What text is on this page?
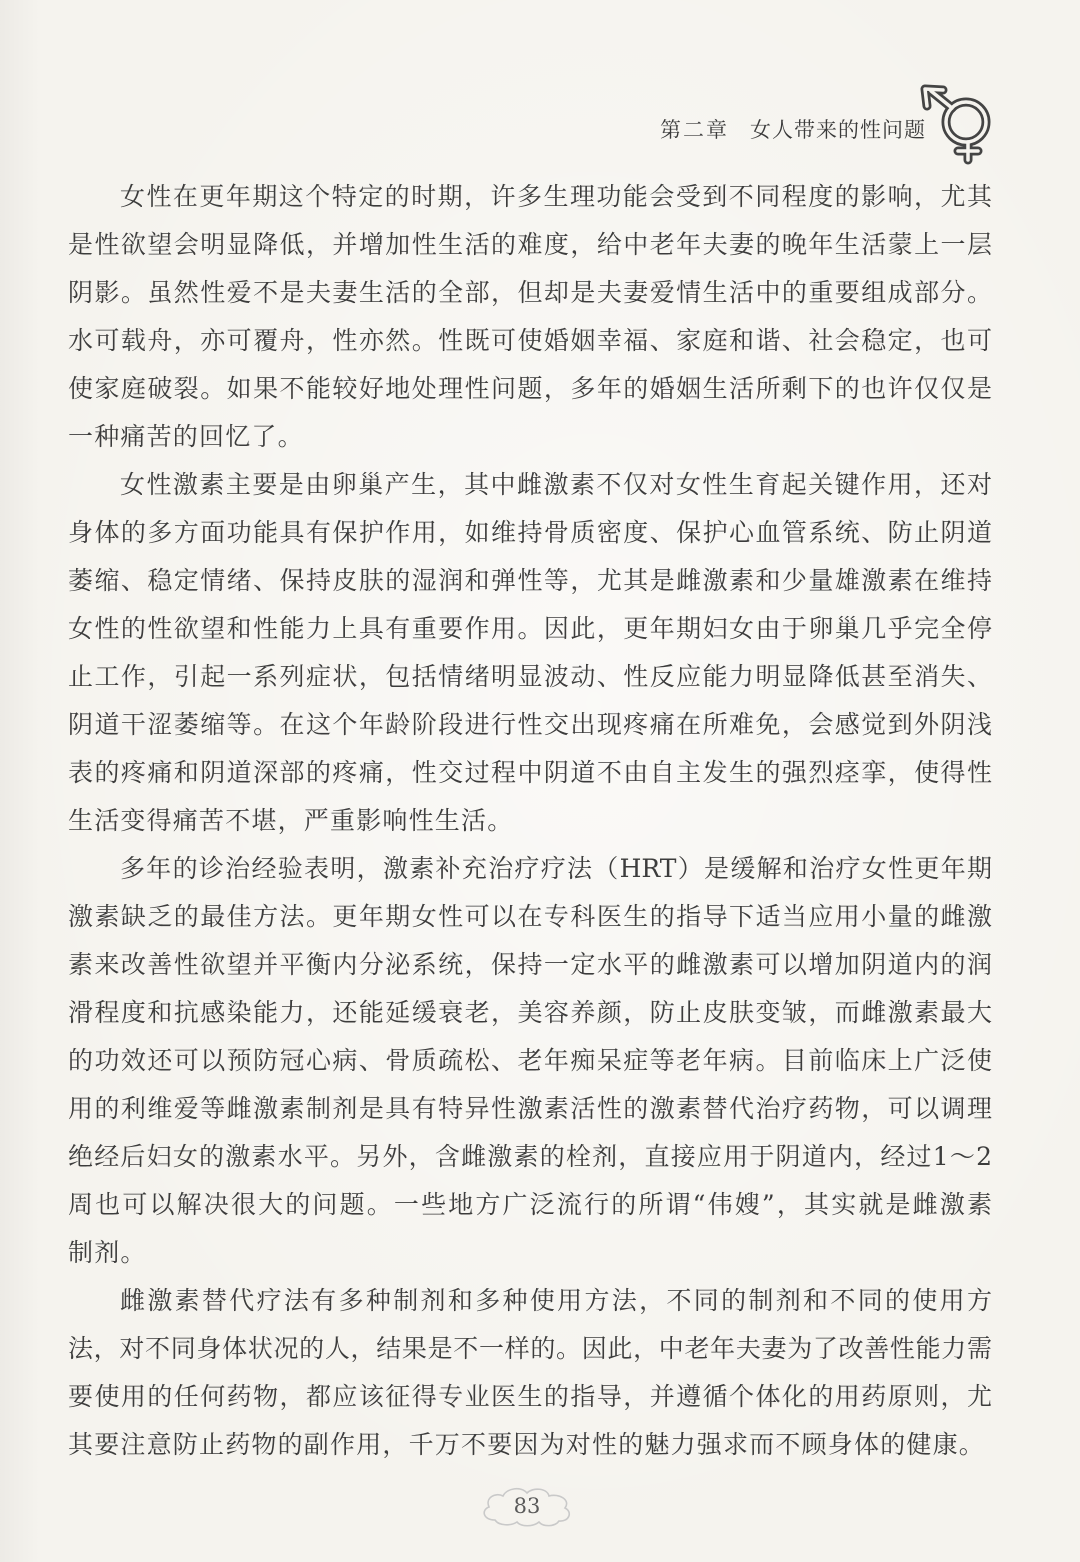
第二章 女人带来的性问题
女性在更年期这个特定的时期，许多生理功能会受到不同程度的影响，尤其
是性欲望会明显降低，并增加性生活的难度，给中老年夫妻的晚年生活蒙上一层
阴影。虽然性爱不是夫妻生活的全部，但却是夫妻爱情生活中的重要组成部分。
水可载舟，亦可覆舟，性亦然。性既可使婚姻幸福、家庭和谐、社会稳定，也可
使家庭破裂。如果不能较好地处理性问题，多年的婚姻生活所剩下的也许仅仅是
一种痛苦的回忆了。
女性激素主要是由卵巢产生，其中雌激素不仅对女性生育起关键作用，还对
身体的多方面功能具有保护作用，如维持骨质密度、保护心血管系统、防止阴道
萎缩、稳定情绪、保持皮肤的湿润和弹性等，尤其是雌激素和少量雄激素在维持
女性的性欲望和性能力上具有重要作用。因此，更年期妇女由于卵巢几乎完全停
止工作，引起一系列症状，包括情绪明显波动、性反应能力明显降低甚至消失、
阴道干涩萎缩等。在这个年龄阶段进行性交出现疼痛在所难免，会感觉到外阴浅
表的疼痛和阴道深部的疼痛，性交过程中阴道不由自主发生的强烈痉挛，使得性
生活变得痛苦不堪，严重影响性生活。
多年的诊治经验表明，激素补充治疗疗法（HRT）是缓解和治疗女性更年期
激素缺乏的最佳方法。更年期女性可以在专科医生的指导下适当应用小量的雌激
素来改善性欲望并平衡内分泌系统，保持一定水平的雌激素可以增加阴道内的润
滑程度和抗感染能力，还能延缓衰老，美容养颜，防止皮肤变皱，而雌激素最大
的功效还可以预防冠心病、骨质疏松、老年痴呆症等老年病。目前临床上广泛使
用的利维爱等雌激素制剂是具有特异性激素活性的激素替代治疗药物，可以调理
绝经后妇女的激素水平。另外，含雌激素的栓剂，直接应用于阴道内，经过1～2
周也可以解决很大的问题。一些地方广泛流行的所谓“伟嫂”，其实就是雌激素
制剂。
雌激素替代疗法有多种制剂和多种使用方法，不同的制剂和不同的使用方
法，对不同身体状况的人，结果是不一样的。因此，中老年夫妻为了改善性能力需
要使用的任何药物，都应该征得专业医生的指导，并遵循个体化的用药原则，尤
其要注意防止药物的副作用，千万不要因为对性的魅力强求而不顾身体的健康。
83
